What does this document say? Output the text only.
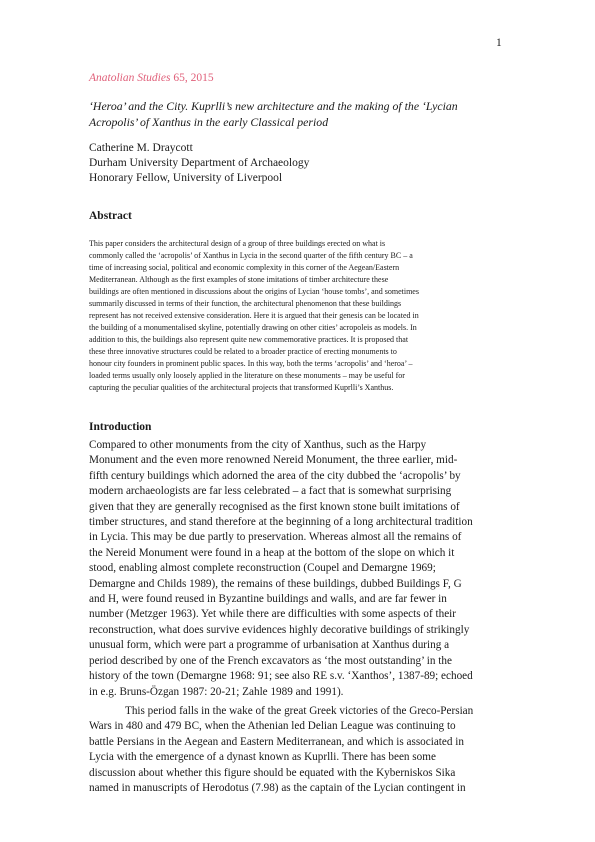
1
Anatolian Studies 65, 2015
‘Heroa’ and the City. Kuprlli’s new architecture and the making of the ‘Lycian
Acropolis’ of Xanthus in the early Classical period
Catherine M. Draycott
Durham University Department of Archaeology
Honorary Fellow, University of Liverpool
Abstract
This paper considers the architectural design of a group of three buildings erected on what is
commonly called the ‘acropolis’ of Xanthus in Lycia in the second quarter of the fifth century BC – a
time of increasing social, political and economic complexity in this corner of the Aegean/Eastern
Mediterranean. Although as the first examples of stone imitations of timber architecture these
buildings are often mentioned in discussions about the origins of Lycian ‘house tombs’, and sometimes
summarily discussed in terms of their function, the architectural phenomenon that these buildings
represent has not received extensive consideration. Here it is argued that their genesis can be located in
the building of a monumentalised skyline, potentially drawing on other cities’ acropoleis as models. In
addition to this, the buildings also represent quite new commemorative practices. It is proposed that
these three innovative structures could be related to a broader practice of erecting monuments to
honour city founders in prominent public spaces. In this way, both the terms ‘acropolis’ and ‘heroa’ –
loaded terms usually only loosely applied in the literature on these monuments – may be useful for
capturing the peculiar qualities of the architectural projects that transformed Kuprlli’s Xanthus.
Introduction
Compared to other monuments from the city of Xanthus, such as the Harpy
Monument and the even more renowned Nereid Monument, the three earlier, mid-
fifth century buildings which adorned the area of the city dubbed the ‘acropolis’ by
modern archaeologists are far less celebrated – a fact that is somewhat surprising
given that they are generally recognised as the first known stone built imitations of
timber structures, and stand therefore at the beginning of a long architectural tradition
in Lycia. This may be due partly to preservation. Whereas almost all the remains of
the Nereid Monument were found in a heap at the bottom of the slope on which it
stood, enabling almost complete reconstruction (Coupel and Demargne 1969;
Demargne and Childs 1989), the remains of these buildings, dubbed Buildings F, G
and H, were found reused in Byzantine buildings and walls, and are far fewer in
number (Metzger 1963). Yet while there are difficulties with some aspects of their
reconstruction, what does survive evidences highly decorative buildings of strikingly
unusual form, which were part a programme of urbanisation at Xanthus during a
period described by one of the French excavators as ‘the most outstanding’ in the
history of the town (Demargne 1968: 91; see also RE s.v. ‘Xanthos’, 1387-89; echoed
in e.g. Bruns-Özgan 1987: 20-21; Zahle 1989 and 1991).
This period falls in the wake of the great Greek victories of the Greco-Persian
Wars in 480 and 479 BC, when the Athenian led Delian League was continuing to
battle Persians in the Aegean and Eastern Mediterranean, and which is associated in
Lycia with the emergence of a dynast known as Kuprlli. There has been some
discussion about whether this figure should be equated with the Kyberniskos Sika
named in manuscripts of Herodotus (7.98) as the captain of the Lycian contingent in
